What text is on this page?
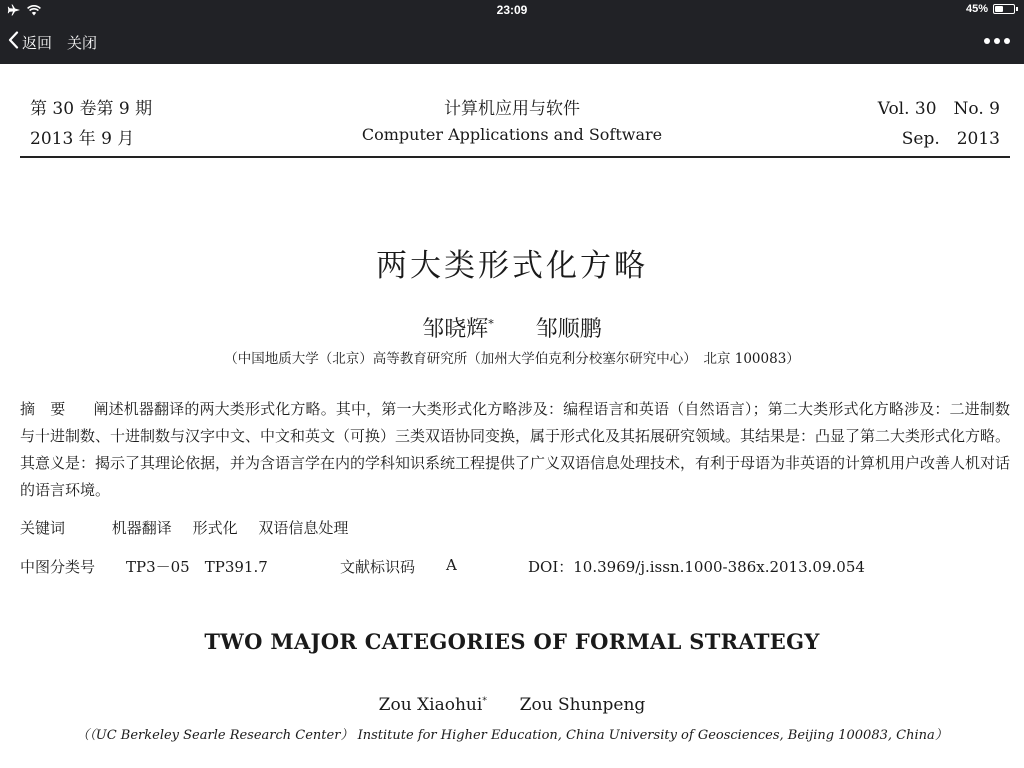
23:09	45%
返回 关闭
第 30 卷第 9 期
2013 年 9 月
计算机应用与软件
Computer Applications and Software
Vol. 30　No. 9
Sep.　2013
两大类形式化方略
邹晓辉* 邹顺鹏
（中国地质大学（北京）高等教育研究所（加州大学伯克利分校塞尔研究中心）　北京 100083）
摘　要 阐述机器翻译的两大类形式化方略。其中，第一大类形式化方略涉及：编程语言和英语（自然语言）；第二大类形式化方略涉及：二进制数与十进制数、十进制数与汉字中文、中文和英文（可换）三类双语协同变换，属于形式化及其拓展研究领域。其结果是：凸显了第二大类形式化方略。其意义是：揭示了其理论依据，并为含语言学在内的学科知识系统工程提供了广义双语信息处理技术，有利于母语为非英语的计算机用户改善人机对话的语言环境。
关键词	机器翻译 形式化 双语信息处理
中图分类号 TP3－05　TP391.7	文献标识码 A	DOI：10.3969/j.issn.1000-386x.2013.09.054
TWO MAJOR CATEGORIES OF FORMAL STRATEGY
Zou Xiaohui* Zou Shunpeng
（（UC Berkeley Searle Research Center） Institute for Higher Education, China University of Geosciences, Beijing 100083, China）
